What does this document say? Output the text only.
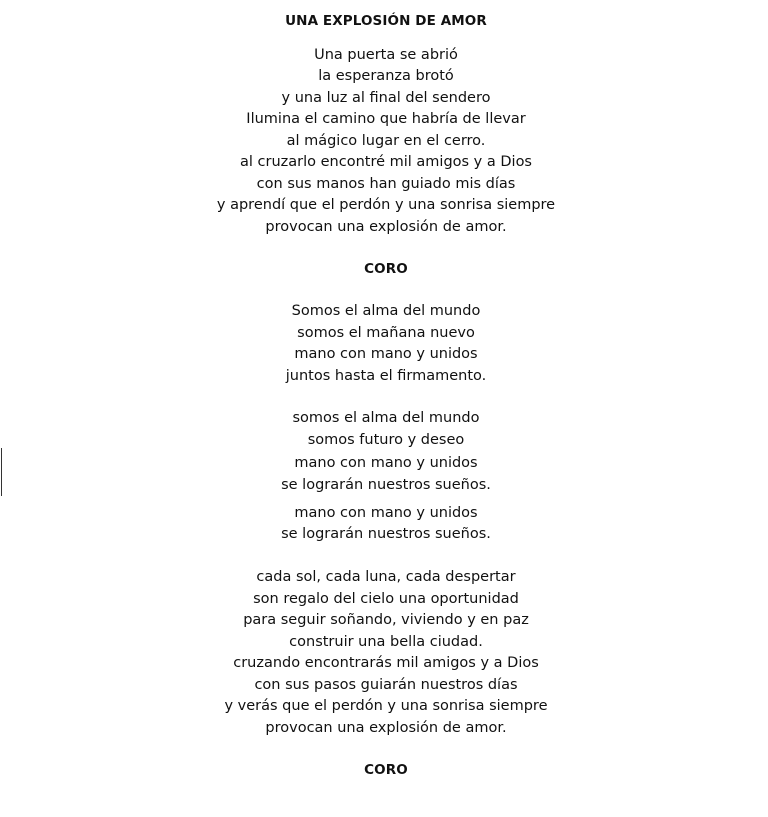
UNA EXPLOSIÓN DE AMOR
Una puerta se abrió
la esperanza brotó
y una luz al final del sendero
Ilumina el camino que habría de llevar
al mágico lugar en el cerro.
al cruzarlo encontré mil amigos y a Dios
con sus manos han guiado mis días
y aprendí que el perdón y una sonrisa siempre
provocan una explosión de amor.
CORO
Somos el alma del mundo
somos el mañana nuevo
mano con mano y unidos
juntos hasta el firmamento.
somos el alma del mundo
somos futuro y deseo
mano con mano y unidos
se lograrán nuestros sueños.
mano con mano y unidos
se lograrán nuestros sueños.
cada sol, cada luna, cada despertar
son regalo del cielo una oportunidad
para seguir soñando, viviendo y en paz
construir una bella ciudad.
cruzando encontrarás mil amigos y a Dios
con sus pasos guiarán nuestros días
y verás que el perdón y una sonrisa siempre
provocan una explosión de amor.
CORO
